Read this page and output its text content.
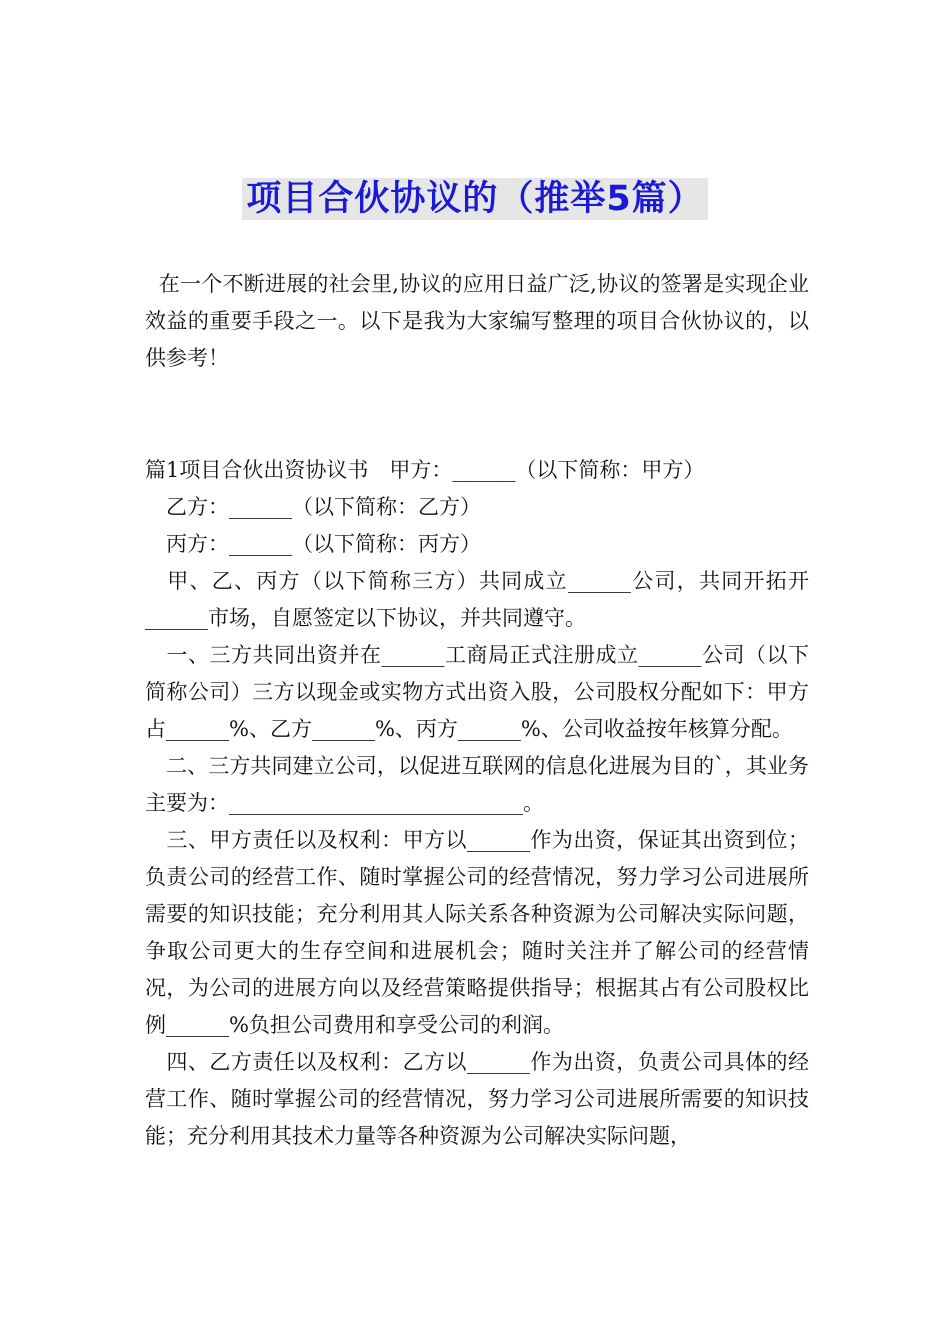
项目合伙协议的（推举5篇）

在一个不断进展的社会里,协议的应用日益广泛,协议的签署是实现企业效益的重要手段之一。以下是我为大家编写整理的项目合伙协议的，以供参考！

篇1项目合伙出资协议书　甲方：______（以下简称：甲方）

　乙方：______（以下简称：乙方）

　丙方：______（以下简称：丙方）

　甲、乙、丙方（以下简称三方）共同成立______公司，共同开拓开______市场，自愿签定以下协议，并共同遵守。

　一、三方共同出资并在______工商局正式注册成立______公司（以下简称公司）三方以现金或实物方式出资入股，公司股权分配如下：甲方占______%、乙方______%、丙方______%、公司收益按年核算分配。

　二、三方共同建立公司，以促进互联网的信息化进展为目的`，其业务主要为：____________________________。

　三、甲方责任以及权利：甲方以______作为出资，保证其出资到位；负责公司的经营工作、随时掌握公司的经营情况，努力学习公司进展所需要的知识技能；充分利用其人际关系各种资源为公司解决实际问题，争取公司更大的生存空间和进展机会；随时关注并了解公司的经营情况，为公司的进展方向以及经营策略提供指导；根据其占有公司股权比例______%负担公司费用和享受公司的利润。

　四、乙方责任以及权利：乙方以______作为出资，负责公司具体的经营工作、随时掌握公司的经营情况，努力学习公司进展所需要的知识技能；充分利用其技术力量等各种资源为公司解决实际问题，
